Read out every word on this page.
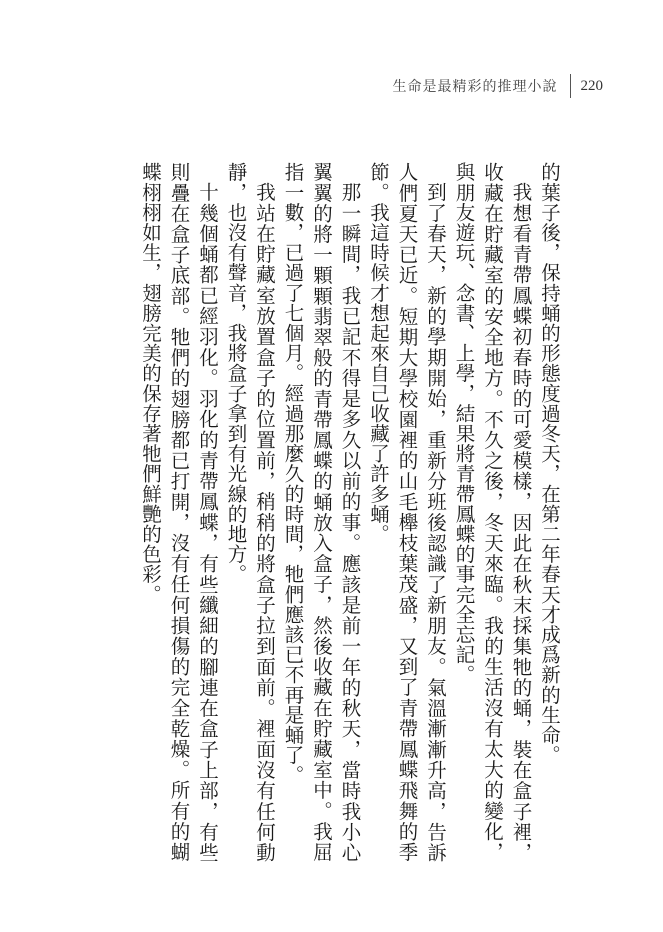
生命是最精彩的推理小說	220

的葉子後，保持蛹的形態度過冬天，在第二年春天才成爲新的生命。

我想看青帶鳳蝶初春時的可愛模樣，因此在秋末採集牠的蛹，裝在盒子裡，收藏在貯藏室的安全地方。不久之後，冬天來臨。我的生活沒有太大的變化，與朋友遊玩、念書、上學，結果將青帶鳳蝶的事完全忘記。

到了春天，新的學期開始，重新分班後認識了新朋友。氣溫漸漸升高，告訴人們夏天已近。短期大學校園裡的山毛櫸枝葉茂盛，又到了青帶鳳蝶飛舞的季節。我這時候才想起來自己收藏了許多蛹。

那一瞬間，我已記不得是多久以前的事。應該是前一年的秋天，當時我小心翼翼的將一顆顆翡翠般的青帶鳳蝶的蛹放入盒子，然後收藏在貯藏室中。我屈指一數，已過了七個月。經過那麼久的時間，牠們應該已不再是蛹了。

我站在貯藏室放置盒子的位置前，稍稍的將盒子拉到面前。裡面沒有任何動靜，也沒有聲音，我將盒子拿到有光線的地方。

十幾個蛹都已經羽化。羽化的青帶鳳蝶，有些纖細的腳連在盒子上部，有些則疊在盒子底部。牠們的翅膀都已打開，沒有任何損傷的完全乾燥。所有的蝴蝶栩栩如生，翅膀完美的保存著牠們鮮艷的色彩。
